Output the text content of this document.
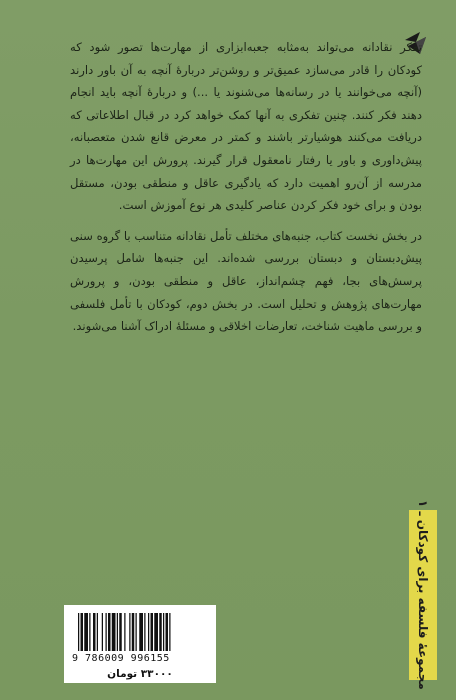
تفکر نقادانه می‌تواند به‌مثابه جعبه‌ابزاری از مهارت‌ها تصور شود که کودکان را قادر می‌سازد عمیق‌تر و روشن‌تر دربارهٔ آنچه به آن باور دارند (آنچه می‌خوانند یا در رسانه‌ها می‌شنوند یا ...) و دربارهٔ آنچه باید انجام دهند فکر کنند. چنین تفکری به آنها کمک خواهد کرد در قبال اطلاعاتی که دریافت می‌کنند هوشیارتر باشند و کمتر در معرض قانع شدن متعصبانه، پیش‌داوری و باور یا رفتار نامعقول قرار گیرند. پرورش این مهارت‌ها در مدرسه از آن‌رو اهمیت دارد که یادگیری عاقل و منطقی بودن، مستقل بودن و برای خود فکر کردن عناصر کلیدی هر نوع آموزش است.

در بخش نخست کتاب، جنبه‌های مختلف تأمل نقادانه متناسب با گروه سنی پیش‌دبستان و دبستان بررسی شده‌اند. این جنبه‌ها شامل پرسیدن پرسش‌های بجا، فهم چشم‌انداز، عاقل و منطقی بودن، و پرورش مهارت‌های پژوهش و تحلیل است. در بخش دوم، کودکان با تأمل فلسفی و بررسی ماهیت شناخت، تعارضات اخلاقی و مسئلهٔ ادراک آشنا می‌شوند.

مجموعهٔ فلسفه برای کودکان ـ ۱
9 786009 996155
۳۳۰۰۰ تومان
